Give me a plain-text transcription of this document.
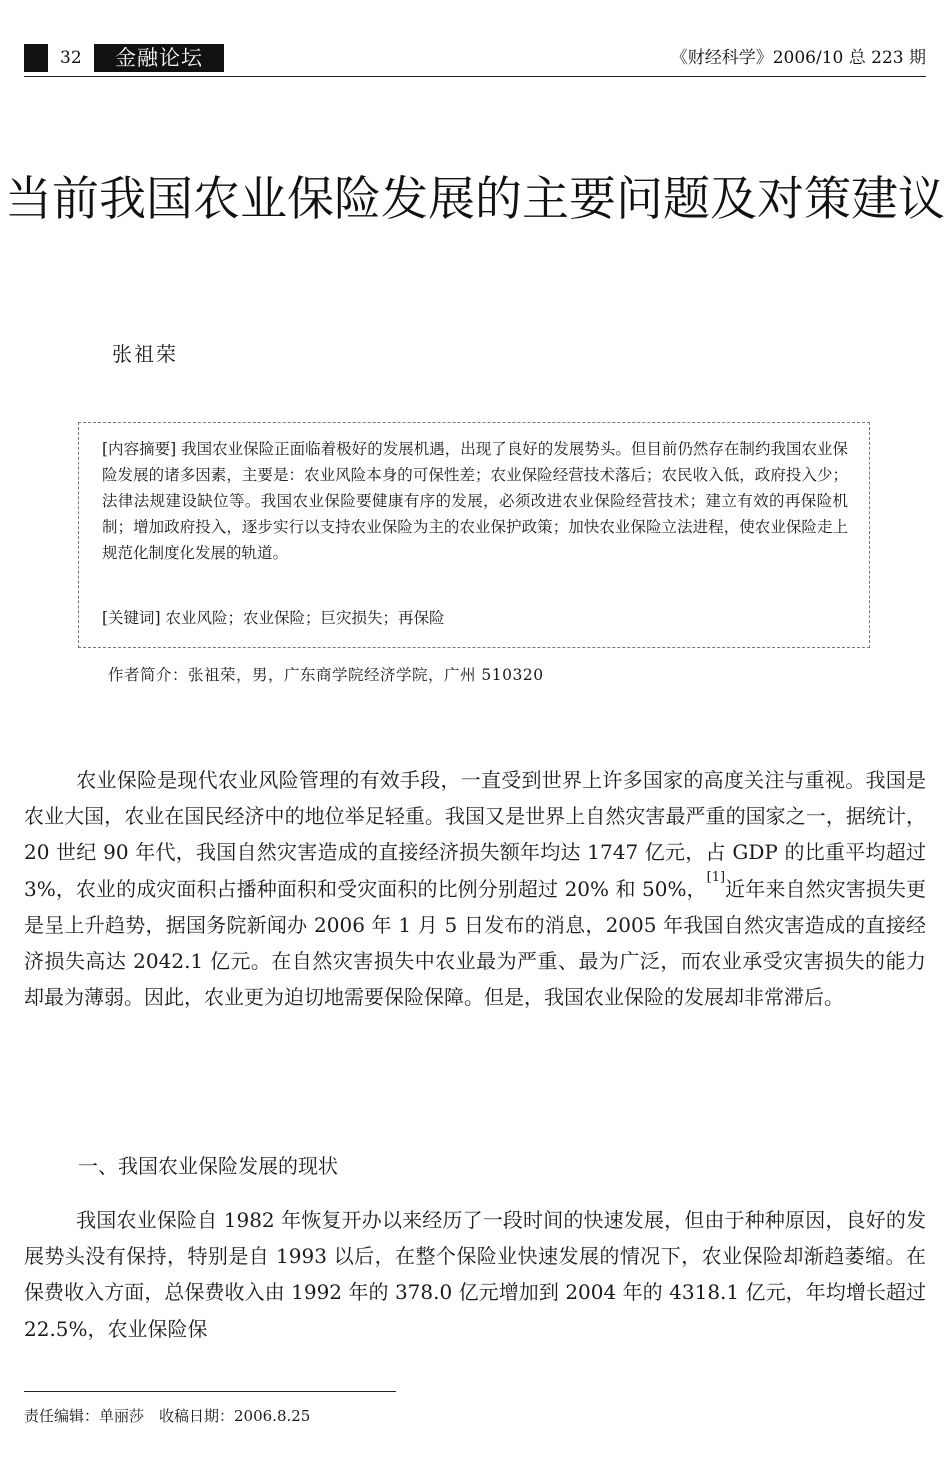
32	金融论坛	《财经科学》2006/10 总 223 期
当前我国农业保险发展的主要问题及对策建议
张祖荣

[内容摘要] 我国农业保险正面临着极好的发展机遇，出现了良好的发展势头。但目前仍然存在制约我国农业保险发展的诸多因素，主要是：农业风险本身的可保性差；农业保险经营技术落后；农民收入低，政府投入少；法律法规建设缺位等。我国农业保险要健康有序的发展，必须改进农业保险经营技术；建立有效的再保险机制；增加政府投入，逐步实行以支持农业保险为主的农业保护政策；加快农业保险立法进程，使农业保险走上规范化制度化发展的轨道。

[关键词] 农业风险；农业保险；巨灾损失；再保险
作者简介：张祖荣，男，广东商学院经济学院，广州 510320

农业保险是现代农业风险管理的有效手段，一直受到世界上许多国家的高度关注与重视。我国是农业大国，农业在国民经济中的地位举足轻重。我国又是世界上自然灾害最严重的国家之一，据统计，20 世纪 90 年代，我国自然灾害造成的直接经济损失额年均达 1747 亿元，占 GDP 的比重平均超过 3%，农业的成灾面积占播种面积和受灾面积的比例分别超过 20% 和 50%，[1]近年来自然灾害损失更是呈上升趋势，据国务院新闻办 2006 年 1 月 5 日发布的消息，2005 年我国自然灾害造成的直接经济损失高达 2042.1 亿元。在自然灾害损失中农业最为严重、最为广泛，而农业承受灾害损失的能力却最为薄弱。因此，农业更为迫切地需要保险保障。但是，我国农业保险的发展却非常滞后。

一、我国农业保险发展的现状

我国农业保险自 1982 年恢复开办以来经历了一段时间的快速发展，但由于种种原因，良好的发展势头没有保持，特别是自 1993 以后，在整个保险业快速发展的情况下，农业保险却渐趋萎缩。在保费收入方面，总保费收入由 1992 年的 378.0 亿元增加到 2004 年的 4318.1 亿元，年均增长超过 22.5%，农业保险保

责任编辑：单丽莎　收稿日期：2006.8.25
